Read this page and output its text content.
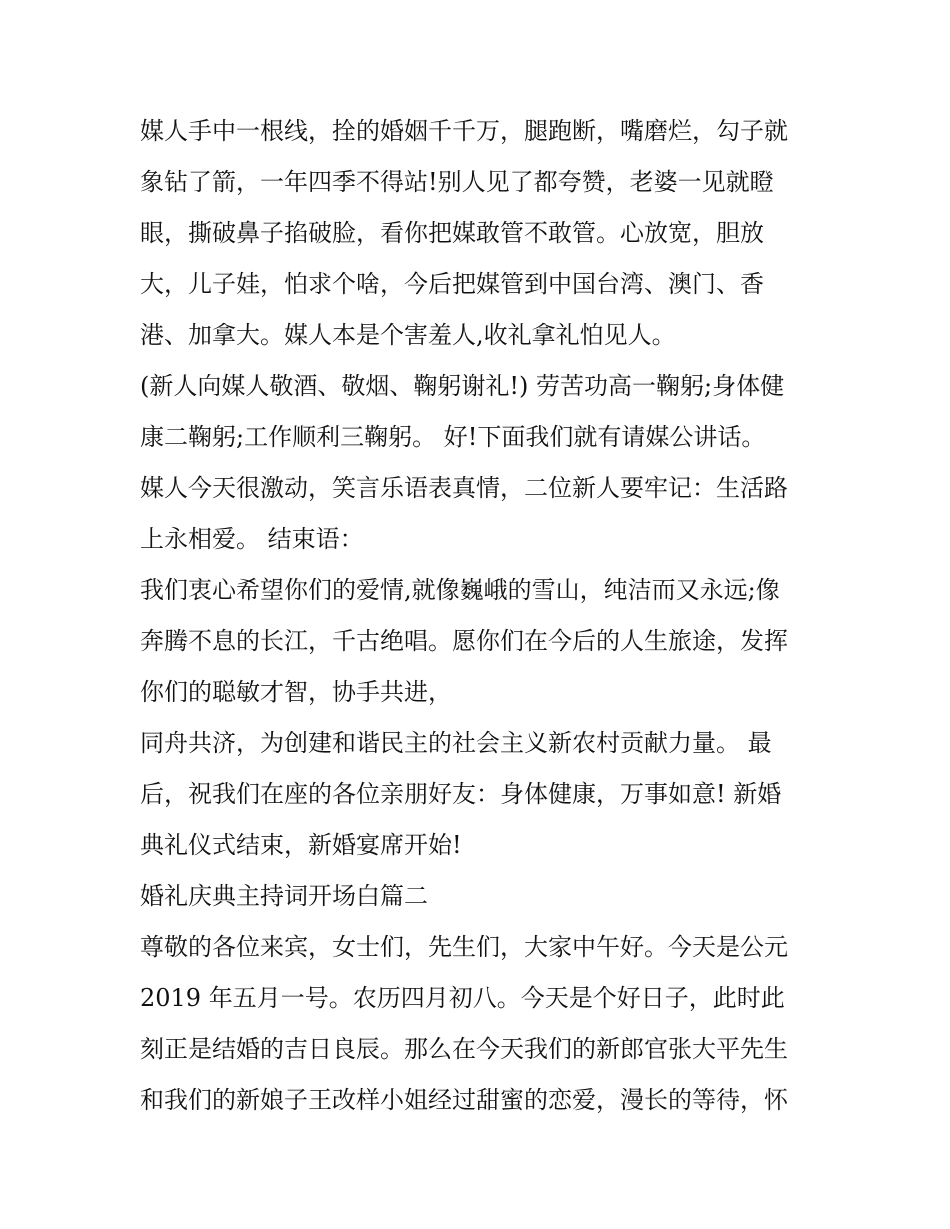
媒人手中一根线，拴的婚姻千千万，腿跑断，嘴磨烂，勾子就
象钻了箭，一年四季不得站!别人见了都夸赞，老婆一见就瞪
眼，撕破鼻子掐破脸，看你把媒敢管不敢管。心放宽，胆放
大，儿子娃，怕求个啥，今后把媒管到中国台湾、澳门、香
港、加拿大。媒人本是个害羞人,收礼拿礼怕见人。
(新人向媒人敬酒、敬烟、鞠躬谢礼!) 劳苦功高一鞠躬;身体健
康二鞠躬;工作顺利三鞠躬。 好!下面我们就有请媒公讲话。
媒人今天很激动，笑言乐语表真情，二位新人要牢记：生活路
上永相爱。 结束语：
我们衷心希望你们的爱情,就像巍峨的雪山，纯洁而又永远;像
奔腾不息的长江，千古绝唱。愿你们在今后的人生旅途，发挥
你们的聪敏才智，协手共进，
同舟共济，为创建和谐民主的社会主义新农村贡献力量。 最
后，祝我们在座的各位亲朋好友：身体健康，万事如意! 新婚
典礼仪式结束，新婚宴席开始!
婚礼庆典主持词开场白篇二
尊敬的各位来宾，女士们，先生们，大家中午好。今天是公元
2019 年五月一号。农历四月初八。今天是个好日子，此时此
刻正是结婚的吉日良辰。那么在今天我们的新郎官张大平先生
和我们的新娘子王改样小姐经过甜蜜的恋爱，漫长的等待，怀
